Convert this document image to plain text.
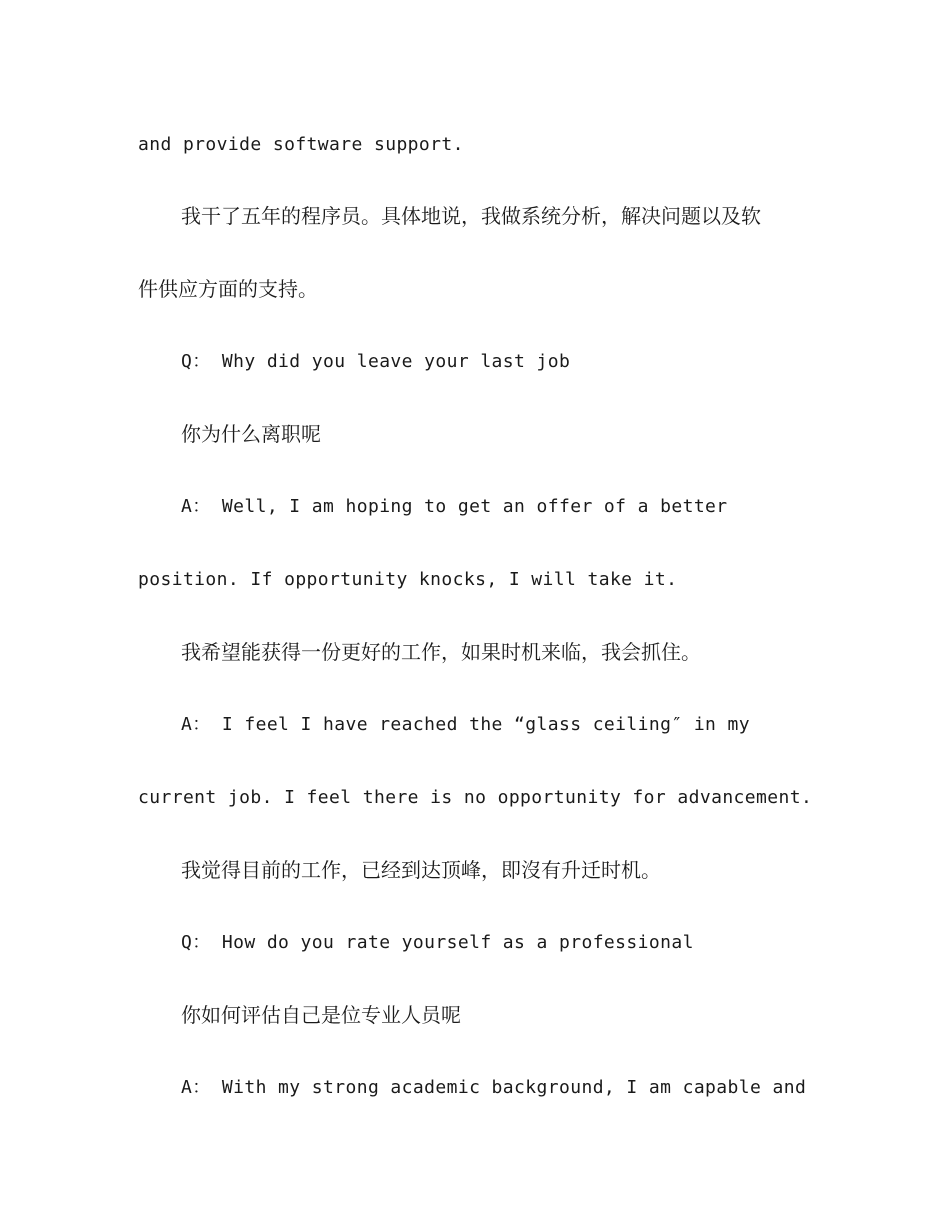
and provide software support.
我干了五年的程序员。具体地说，我做系统分析，解决问题以及软
件供应方面的支持。
Q： Why did you leave your last job
你为什么离职呢
A： Well, I am hoping to get an offer of a better
position. If opportunity knocks, I will take it.
我希望能获得一份更好的工作，如果时机来临，我会抓住。
A： I feel I have reached the “glass ceiling″ in my
current job. I feel there is no opportunity for advancement.
我觉得目前的工作，已经到达顶峰，即沒有升迁时机。
Q： How do you rate yourself as a professional
你如何评估自己是位专业人员呢
A： With my strong academic background, I am capable and
